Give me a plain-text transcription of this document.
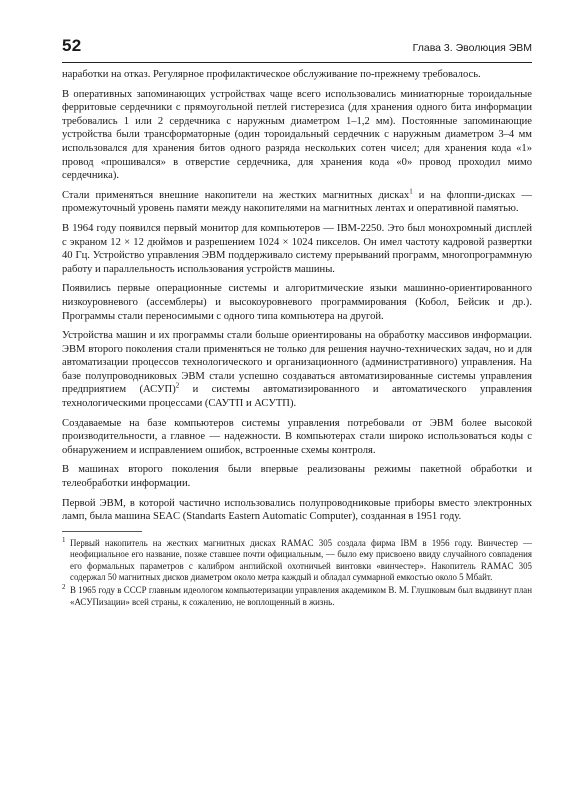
52	Глава 3. Эволюция ЭВМ

наработки на отказ. Регулярное профилактическое обслуживание по-прежнему требовалось.

В оперативных запоминающих устройствах чаще всего использовались миниатюрные тороидальные ферритовые сердечники с прямоугольной петлей гистерезиса (для хранения одного бита информации требовались 1 или 2 сердечника с наружным диаметром 1–1,2 мм). Постоянные запоминающие устройства были трансформаторные (один тороидальный сердечник с наружным диаметром 3–4 мм использовался для хранения битов одного разряда нескольких сотен чисел; для хранения кода «1» провод «прошивался» в отверстие сердечника, для хранения кода «0» провод проходил мимо сердечника).

Стали применяться внешние накопители на жестких магнитных дисках$^1$ и на флоппи-дисках — промежуточный уровень памяти между накопителями на магнитных лентах и оперативной памятью.

В 1964 году появился первый монитор для компьютеров — IBM-2250. Это был монохромный дисплей с экраном 12 × 12 дюймов и разрешением 1024 × 1024 пикселов. Он имел частоту кадровой развертки 40 Гц. Устройство управления ЭВМ поддерживало систему прерываний программ, многопрограммную работу и параллельность использования устройств машины.

Появились первые операционные системы и алгоритмические языки машинно-ориентированного низкоуровневого (ассемблеры) и высокоуровневого программирования (Кобол, Бейсик и др.). Программы стали переносимыми с одного типа компьютера на другой.

Устройства машин и их программы стали больше ориентированы на обработку массивов информации. ЭВМ второго поколения стали применяться не только для решения научно-технических задач, но и для автоматизации процессов технологического и организационного (административного) управления. На базе полупроводниковых ЭВМ стали успешно создаваться автоматизированные системы управления предприятием (АСУП)$^2$ и системы автоматизированного и автоматического управления технологическими процессами (САУТП и АСУТП).

Создаваемые на базе компьютеров системы управления потребовали от ЭВМ более высокой производительности, а главное — надежности. В компьютерах стали широко использоваться коды с обнаружением и исправлением ошибок, встроенные схемы контроля.

В машинах второго поколения были впервые реализованы режимы пакетной обработки и телеобработки информации.

Первой ЭВМ, в которой частично использовались полупроводниковые приборы вместо электронных ламп, была машина SEAC (Standarts Eastern Automatic Computer), созданная в 1951 году.

1 Первый накопитель на жестких магнитных дисках RAMAC 305 создала фирма IBM в 1956 году. Винчестер — неофициальное его название, позже ставшее почти официальным, — было ему присвоено ввиду случайного совпадения его формальных параметров с калибром английской охотничьей винтовки «винчестер». Накопитель RAMAC 305 содержал 50 магнитных дисков диаметром около метра каждый и обладал суммарной емкостью около 5 Мбайт.

2 В 1965 году в СССР главным идеологом компьютеризации управления академиком В. М. Глушковым был выдвинут план «АСУПизации» всей страны, к сожалению, не воплощенный в жизнь.
